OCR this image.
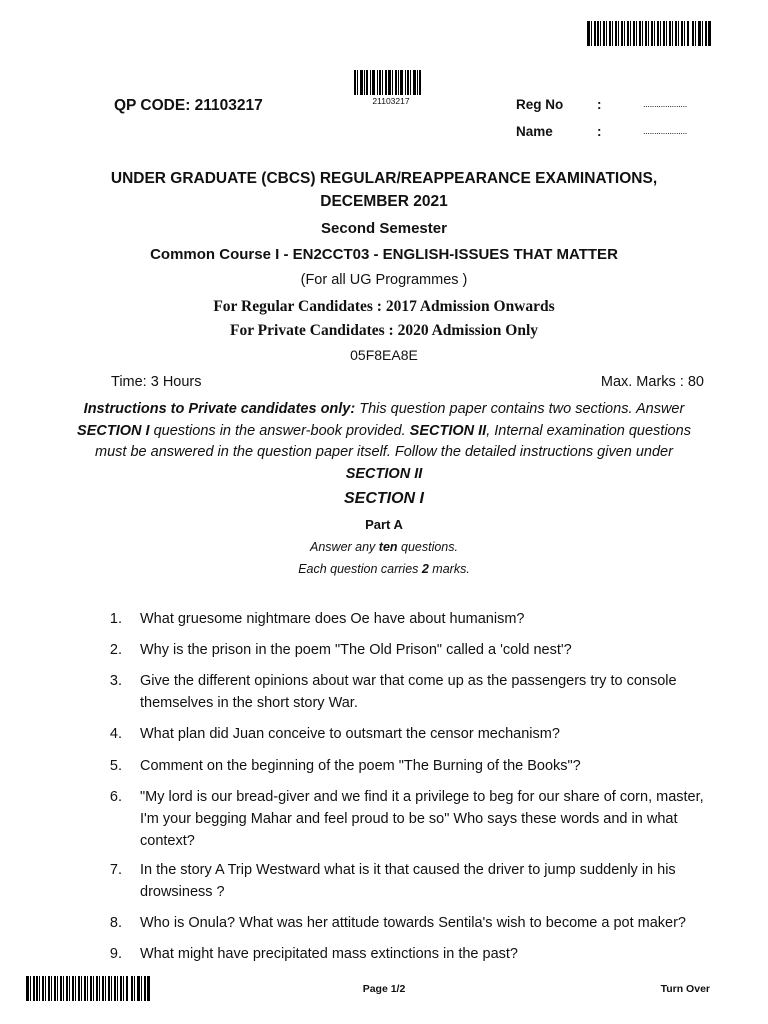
21103217
QP CODE: 21103217	Reg No	:	....................
Name	:	....................
UNDER GRADUATE (CBCS) REGULAR/REAPPEARANCE EXAMINATIONS,
DECEMBER 2021
Second Semester
Common Course I - EN2CCT03 - ENGLISH-ISSUES THAT MATTER
(For all UG Programmes )
For Regular Candidates : 2017 Admission Onwards
For Private Candidates : 2020 Admission Only
05F8EA8E
Time: 3 Hours	Max. Marks : 80
Instructions to Private candidates only: This question paper contains two sections. Answer
SECTION I questions in the answer-book provided. SECTION II, Internal examination questions
must be answered in the question paper itself. Follow the detailed instructions given under
SECTION II
SECTION I
Part A
Answer any ten questions.
Each question carries 2 marks.
1. What gruesome nightmare does Oe have about humanism?
2. Why is the prison in the poem "The Old Prison" called a 'cold nest'?
3. Give the different opinions about war that come up as the passengers try to console
themselves in the short story War.
4. What plan did Juan conceive to outsmart the censor mechanism?
5. Comment on the beginning of the poem "The Burning of the Books"?
6. "My lord is our bread-giver and we find it a privilege to beg for our share of corn, master,
I'm your begging Mahar and feel proud to be so" Who says these words and in what
context?
7. In the story A Trip Westward what is it that caused the driver to jump suddenly in his
drowsiness ?
8. Who is Onula? What was her attitude towards Sentila's wish to become a pot maker?
9. What might have precipitated mass extinctions in the past?
Page 1/2	Turn Over
